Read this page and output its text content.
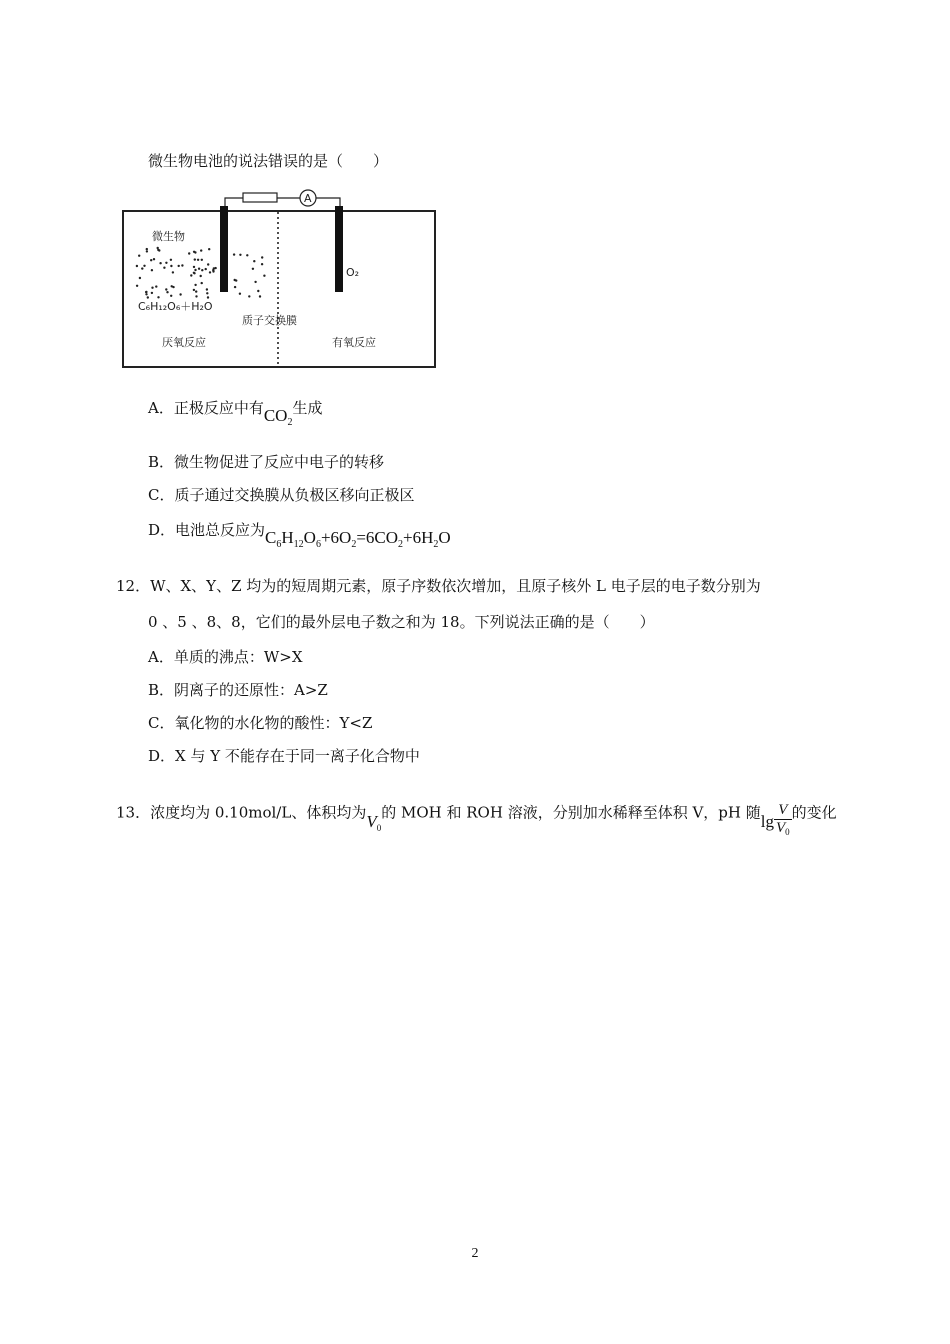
微生物电池的说法错误的是（　　）
A
微生物
C₆H₁₂O₆＋H₂O
O₂
质子交换膜
厌氧反应	有氧反应
A．正极反应中有$CO_2$生成
B．微生物促进了反应中电子的转移
C．质子通过交换膜从负极区移向正极区
D．电池总反应为$C_6H_{12}O_6+6O_2=6CO_2+6H_2O$
12．W、X、Y、Z 均为的短周期元素，原子序数依次增加，且原子核外 L 电子层的电子数分别为
0 、5 、8、8，它们的最外层电子数之和为 18。下列说法正确的是（　　）
A．单质的沸点：W>X
B．阴离子的还原性：A>Z
C．氧化物的水化物的酸性：Y<Z
D．X 与 Y 不能存在于同一离子化合物中
13．浓度均为 0.10mol/L、体积均为$V_0$的 MOH 和 ROH 溶液，分别加水稀释至体积 V，pH 随$\lg \frac{V}{V_0}$ 的变化
2
